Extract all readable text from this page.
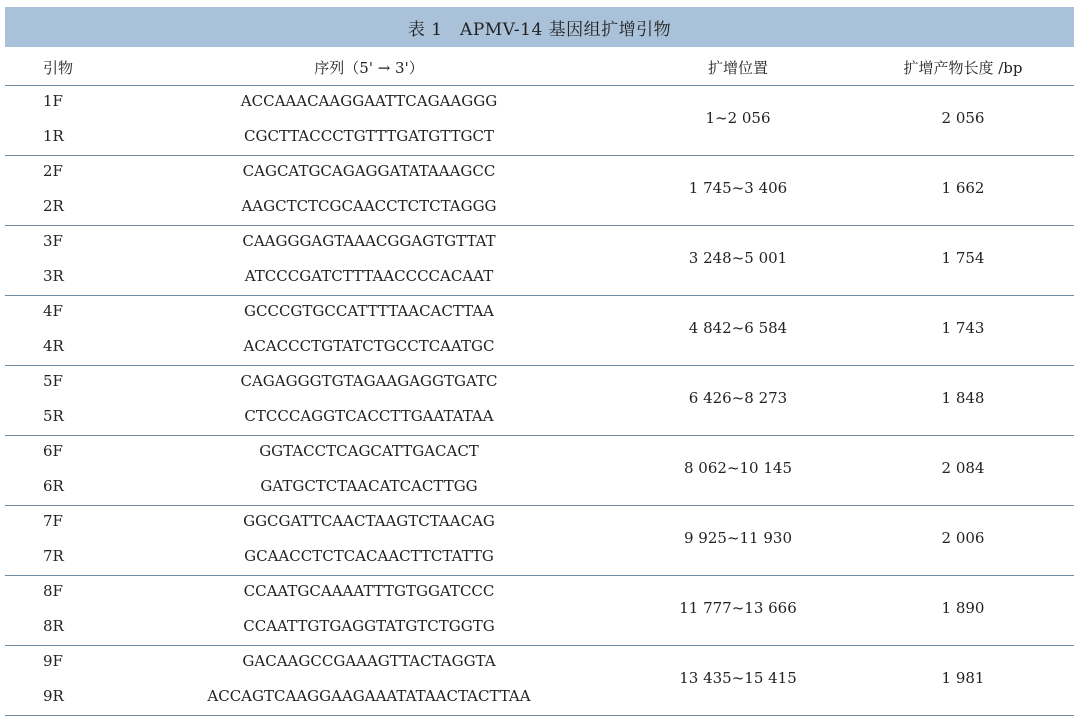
表 1　APMV-14 基因组扩增引物
引物	序列（5' → 3'）	扩增位置	扩增产物长度 /bp
1F	ACCAAACAAGGAATTCAGAAGGG
1R	CGCTTACCCTGTTTGATGTTGCT
1~2 056	2 056
2F	CAGCATGCAGAGGATATAAAGCC
2R	AAGCTCTCGCAACCTCTCTAGGG
1 745~3 406	1 662
3F	CAAGGGAGTAAACGGAGTGTTAT
3R	ATCCCGATCTTTAACCCCACAAT
3 248~5 001	1 754
4F	GCCCGTGCCATTTTAACACTTAA
4R	ACACCCTGTATCTGCCTCAATGC
4 842~6 584	1 743
5F	CAGAGGGTGTAGAAGAGGTGATC
5R	CTCCCAGGTCACCTTGAATATAA
6 426~8 273	1 848
6F	GGTACCTCAGCATTGACACT
6R	GATGCTCTAACATCACTTGG
8 062~10 145	2 084
7F	GGCGATTCAACTAAGTCTAACAG
7R	GCAACCTCTCACAACTTCTATTG
9 925~11 930	2 006
8F	CCAATGCAAAATTTGTGGATCCC
8R	CCAATTGTGAGGTATGTCTGGTG
11 777~13 666	1 890
9F	GACAAGCCGAAAGTTACTAGGTA
9R	ACCAGTCAAGGAAGAAATATAACTACTTAA
13 435~15 415	1 981
